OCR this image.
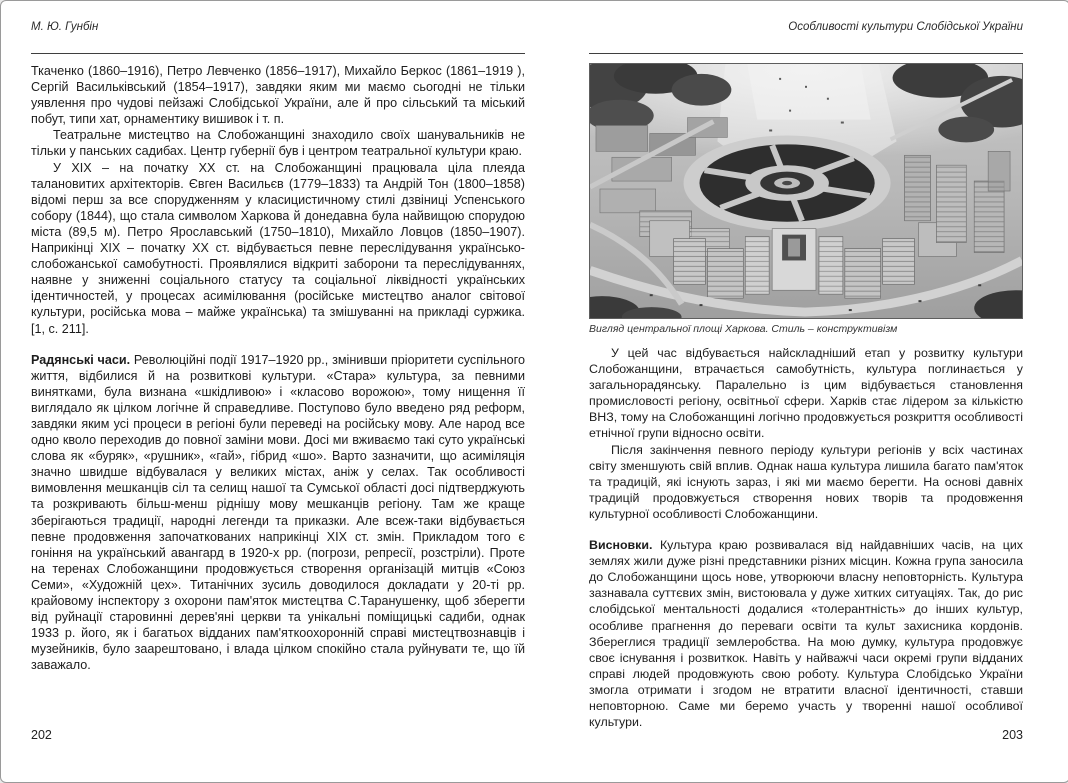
М. Ю. Гунбін

Ткаченко (1860–1916), Петро Левченко (1856–1917), Михайло Беркос (1861–1919 ), Сергій Васильківський (1854–1917), завдяки яким ми маємо сьогодні не тільки уявлення про чудові пейзажі Слобідської України, але й про сільський та міський побут, типи хат, орнаментику вишивок і т. п.

Театральне мистецтво на Слобожанщині знаходило своїх шанувальників не тільки у панських садибах. Центр губернії був і центром театральної культури краю.

У XIX – на початку XX ст. на Слобожанщині працювала ціла плеяда талановитих архітекторів. Євген Васильєв (1779–1833) та Андрій Тон (1800–1858) відомі перш за все спорудженням у класицистичному стилі дзвіниці Успенського собору (1844), що стала символом Харкова й донедавна була найвищою спорудою міста (89,5 м). Петро Ярославський (1750–1810), Михайло Ловцов (1850–1907). Наприкінці XIX – початку XX ст. відбувається певне переслідування українсько-слобожанської самобутності. Проявлялися відкриті заборони та переслідуваннях, наявне у зниженні соціального статусу та соціальної ліквідності українських ідентичностей, у процесах асимілювання (російське мистецтво аналог світової культури, російська мова – майже українська) та змішуванні на прикладі суржика. [1, с. 211].

Радянські часи. Революційні події 1917–1920 рр., змінивши пріоритети суспільного життя, відбилися й на розвиткові культури. «Стара» культура, за певними винятками, була визнана «шкідливою» і «класово ворожою», тому нищення її виглядало як цілком логічне й справедливе. Поступово було введено ряд реформ, завдяки яким усі процеси в регіоні були переведі на російську мову. Але народ все одно кволо переходив до повної заміни мови. Досі ми вживаємо такі суто українські слова як «буряк», «рушник», «гай», гібрид «шо». Варто зазначити, що асиміляція значно швидше відбувалася у великих містах, аніж у селах. Так особливості вимовлення мешканців сіл та селищ нашої та Сумської області досі підтверджують та розкривають більш-менш ріднішу мову мешканців регіону. Там же краще зберігаються традиції, народні легенди та приказки. Але всеж-таки відбувається певне продовження започаткованих наприкінці XIX ст. змін. Прикладом того є гоніння на український авангард в 1920-х рр. (погрози, репресії, розстріли). Проте на теренах Слобожанщини продовжується створення організацій митців «Союз Семи», «Художній цех». Титанічних зусиль доводилося докладати у 20-ті рр. крайовому інспектору з охорони пам'яток мистецтва С.Таранушенку, щоб зберегти від руйнації старовинні дерев'яні церкви та унікальні поміщицькі садиби, однак 1933 р. його, як і багатьох відданих пам'яткоохоронній справі мистецтвознавців і музейників, було заарештовано, і влада цілком спокійно стала руйнувати те, що їй заважало.

202
Особливості культури Слобідської України
Вигляд центральної площі Харкова. Стиль – конструктивізм

У цей час відбувається найскладніший етап у розвитку культури Слобожанщини, втрачається самобутність, культура поглинається у загальнорадянську. Паралельно із цим відбувається становлення промисловості регіону, освітньої сфери. Харків стає лідером за кількістю ВНЗ, тому на Слобожанщині логічно продовжується розкриття особливості етнічної групи відносно освіти.

Після закінчення певного періоду культури регіонів у всіх частинах світу зменшують свій вплив. Однак наша культура лишила багато пам'яток та традицій, які існують зараз, і які ми маємо берегти. На основі давніх традицій продовжується створення нових творів та продовження культурної особливості Слобожанщини.

Висновки. Культура краю розвивалася від найдавніших часів, на цих землях жили дуже різні представники різних місцин. Кожна група заносила до Слобожанщини щось нове, утворюючи власну неповторність. Культура зазнавала суттєвих змін, вистоювала у дуже хитких ситуаціях. Так, до рис слобідської ментальності додалися «толерантність» до інших культур, особливе прагнення до переваги освіти та культ захисника кордонів. Збереглися традиції землеробства. На мою думку, культура продовжує своє існування і розвиткок. Навіть у найважчі часи окремі групи відданих справі людей продовжують свою роботу. Культура Слобідсько України змогла отримати і згодом не втратити власної ідентичності, ставши неповторною. Саме ми беремо участь у творенні нашої особливої культури.

203
